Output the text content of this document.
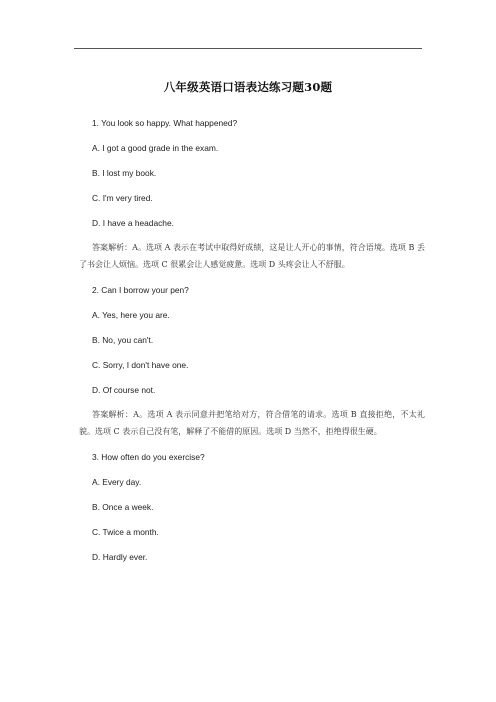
八年级英语口语表达练习题30题
1. You look so happy. What happened?
A. I got a good grade in the exam.
B. I lost my book.
C. I'm very tired.
D. I have a headache.
答案解析：A。选项 A 表示在考试中取得好成绩，这是让人开心的事情，符合语境。选项 B 丢了书会让人烦恼。选项 C 很累会让人感觉疲惫。选项 D 头疼会让人不舒服。
2. Can I borrow your pen?
A. Yes, here you are.
B. No, you can't.
C. Sorry, I don't have one.
D. Of course not.
答案解析：A。选项 A 表示同意并把笔给对方，符合借笔的请求。选项 B 直接拒绝，不太礼貌。选项 C 表示自己没有笔，解释了不能借的原因。选项 D 当然不，拒绝得很生硬。
3. How often do you exercise?
A. Every day.
B. Once a week.
C. Twice a month.
D. Hardly ever.
